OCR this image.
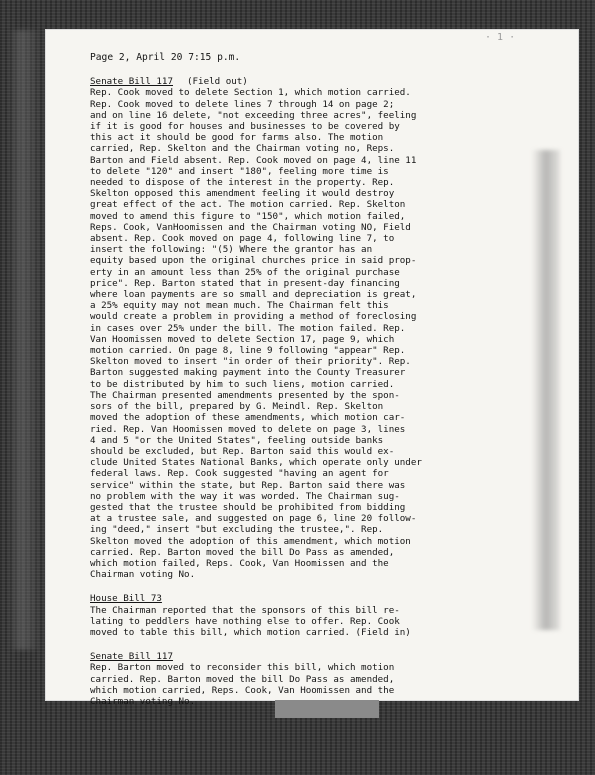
· 1 ·
Page 2, April 20 7:15 p.m.
Senate Bill 117 (Field out)
Rep. Cook moved to delete Section 1, which motion carried.
Rep. Cook moved to delete lines 7 through 14 on page 2;
and on line 16 delete, "not exceeding three acres", feeling
if it is good for houses and businesses to be covered by
this act it should be good for farms also. The motion
carried, Rep. Skelton and the Chairman voting no, Reps.
Barton and Field absent. Rep. Cook moved on page 4, line 11
to delete "120" and insert "180", feeling more time is
needed to dispose of the interest in the property. Rep.
Skelton opposed this amendment feeling it would destroy
great effect of the act. The motion carried. Rep. Skelton
moved to amend this figure to "150", which motion failed,
Reps. Cook, VanHoomissen and the Chairman voting NO, Field
absent. Rep. Cook moved on page 4, following line 7, to
insert the following: "(5) Where the grantor has an
equity based upon the original churches price in said prop-
erty in an amount less than 25% of the original purchase
price". Rep. Barton stated that in present-day financing
where loan payments are so small and depreciation is great,
a 25% equity may not mean much. The Chairman felt this
would create a problem in providing a method of foreclosing
in cases over 25% under the bill. The motion failed. Rep.
Van Hoomissen moved to delete Section 17, page 9, which
motion carried. On page 8, line 9 following "appear" Rep.
Skelton moved to insert "in order of their priority". Rep.
Barton suggested making payment into the County Treasurer
to be distributed by him to such liens, motion carried.
The Chairman presented amendments presented by the spon-
sors of the bill, prepared by G. Meindl. Rep. Skelton
moved the adoption of these amendments, which motion car-
ried. Rep. Van Hoomissen moved to delete on page 3, lines
4 and 5 "or the United States", feeling outside banks
should be excluded, but Rep. Barton said this would ex-
clude United States National Banks, which operate only under
federal laws. Rep. Cook suggested "having an agent for
service" within the state, but Rep. Barton said there was
no problem with the way it was worded. The Chairman sug-
gested that the trustee should be prohibited from bidding
at a trustee sale, and suggested on page 6, line 20 follow-
ing "deed," insert "but excluding the trustee,". Rep.
Skelton moved the adoption of this amendment, which motion
carried. Rep. Barton moved the bill Do Pass as amended,
which motion failed, Reps. Cook, Van Hoomissen and the
Chairman voting No.
House Bill 73
The Chairman reported that the sponsors of this bill re-
lating to peddlers have nothing else to offer. Rep. Cook
moved to table this bill, which motion carried. (Field in)
Senate Bill 117
Rep. Barton moved to reconsider this bill, which motion
carried. Rep. Barton moved the bill Do Pass as amended,
which motion carried, Reps. Cook, Van Hoomissen and the
Chairman voting No.
